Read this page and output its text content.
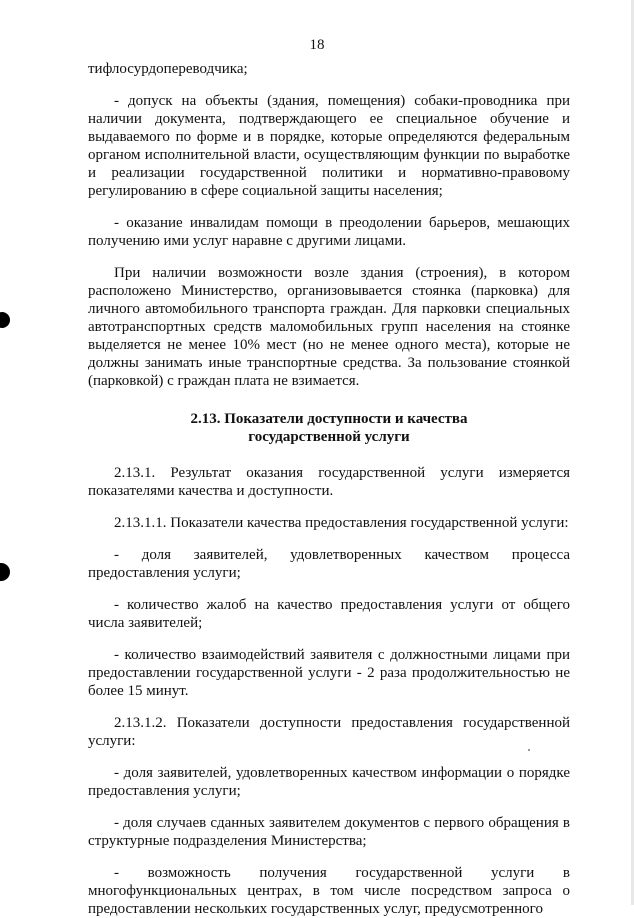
18

тифлосурдопереводчика;

- допуск на объекты (здания, помещения) собаки-проводника при наличии документа, подтверждающего ее специальное обучение и выдаваемого по форме и в порядке, которые определяются федеральным органом исполнительной власти, осуществляющим функции по выработке и реализации государственной политики и нормативно-правовому регулированию в сфере социальной защиты населения;

- оказание инвалидам помощи в преодолении барьеров, мешающих получению ими услуг наравне с другими лицами.

При наличии возможности возле здания (строения), в котором расположено Министерство, организовывается стоянка (парковка) для личного автомобильного транспорта граждан. Для парковки специальных автотранспортных средств маломобильных групп населения на стоянке выделяется не менее 10% мест (но не менее одного места), которые не должны занимать иные транспортные средства. За пользование стоянкой (парковкой) с граждан плата не взимается.

2.13. Показатели доступности и качества

государственной услуги

2.13.1. Результат оказания государственной услуги измеряется показателями качества и доступности.

2.13.1.1. Показатели качества предоставления государственной услуги:

- доля заявителей, удовлетворенных качеством процесса предоставления услуги;

- количество жалоб на качество предоставления услуги от общего числа заявителей;

- количество взаимодействий заявителя с должностными лицами при предоставлении государственной услуги - 2 раза продолжительностью не более 15 минут.

2.13.1.2. Показатели доступности предоставления государственной услуги:

- доля заявителей, удовлетворенных качеством информации о порядке предоставления услуги;

- доля случаев сданных заявителем документов с первого обращения в структурные подразделения Министерства;

- возможность получения государственной услуги в многофункциональных центрах, в том числе посредством запроса о предоставлении нескольких государственных услуг, предусмотренного
